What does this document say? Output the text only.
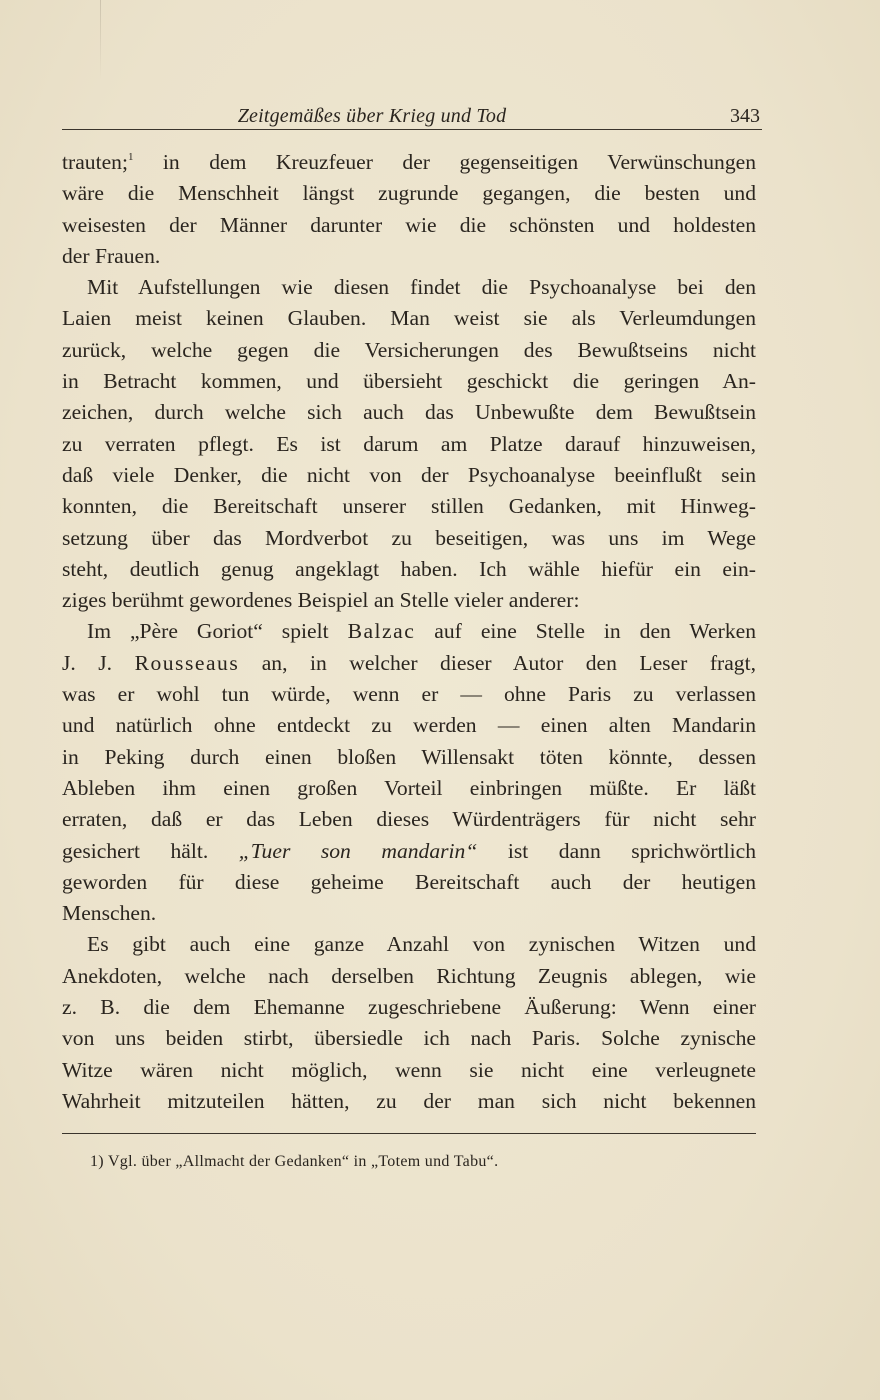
Zeitgemäßes über Krieg und Tod	343

trauten;$^1$ in dem Kreuzfeuer der gegenseitigen Verwünschungen

wäre die Menschheit längst zugrunde gegangen, die besten und

weisesten der Männer darunter wie die schönsten und holdesten

der Frauen.

Mit Aufstellungen wie diesen findet die Psychoanalyse bei den

Laien meist keinen Glauben. Man weist sie als Verleumdungen

zurück, welche gegen die Versicherungen des Bewußtseins nicht

in Betracht kommen, und übersieht geschickt die geringen An-

zeichen, durch welche sich auch das Unbewußte dem Bewußtsein

zu verraten pflegt. Es ist darum am Platze darauf hinzuweisen,

daß viele Denker, die nicht von der Psychoanalyse beeinflußt sein

konnten, die Bereitschaft unserer stillen Gedanken, mit Hinweg-

setzung über das Mordverbot zu beseitigen, was uns im Wege

steht, deutlich genug angeklagt haben. Ich wähle hiefür ein ein-

ziges berühmt gewordenes Beispiel an Stelle vieler anderer:

Im „Père Goriot“ spielt Balzac auf eine Stelle in den Werken

J. J. Rousseaus an, in welcher dieser Autor den Leser fragt,

was er wohl tun würde, wenn er — ohne Paris zu verlassen

und natürlich ohne entdeckt zu werden — einen alten Mandarin

in Peking durch einen bloßen Willensakt töten könnte, dessen

Ableben ihm einen großen Vorteil einbringen müßte. Er läßt

erraten, daß er das Leben dieses Würdenträgers für nicht sehr

gesichert hält. „Tuer son mandarin“ ist dann sprichwörtlich

geworden für diese geheime Bereitschaft auch der heutigen

Menschen.

Es gibt auch eine ganze Anzahl von zynischen Witzen und

Anekdoten, welche nach derselben Richtung Zeugnis ablegen, wie

z. B. die dem Ehemanne zugeschriebene Äußerung: Wenn einer

von uns beiden stirbt, übersiedle ich nach Paris. Solche zynische

Witze wären nicht möglich, wenn sie nicht eine verleugnete

Wahrheit mitzuteilen hätten, zu der man sich nicht bekennen

1) Vgl. über „Allmacht der Gedanken“ in „Totem und Tabu“.
